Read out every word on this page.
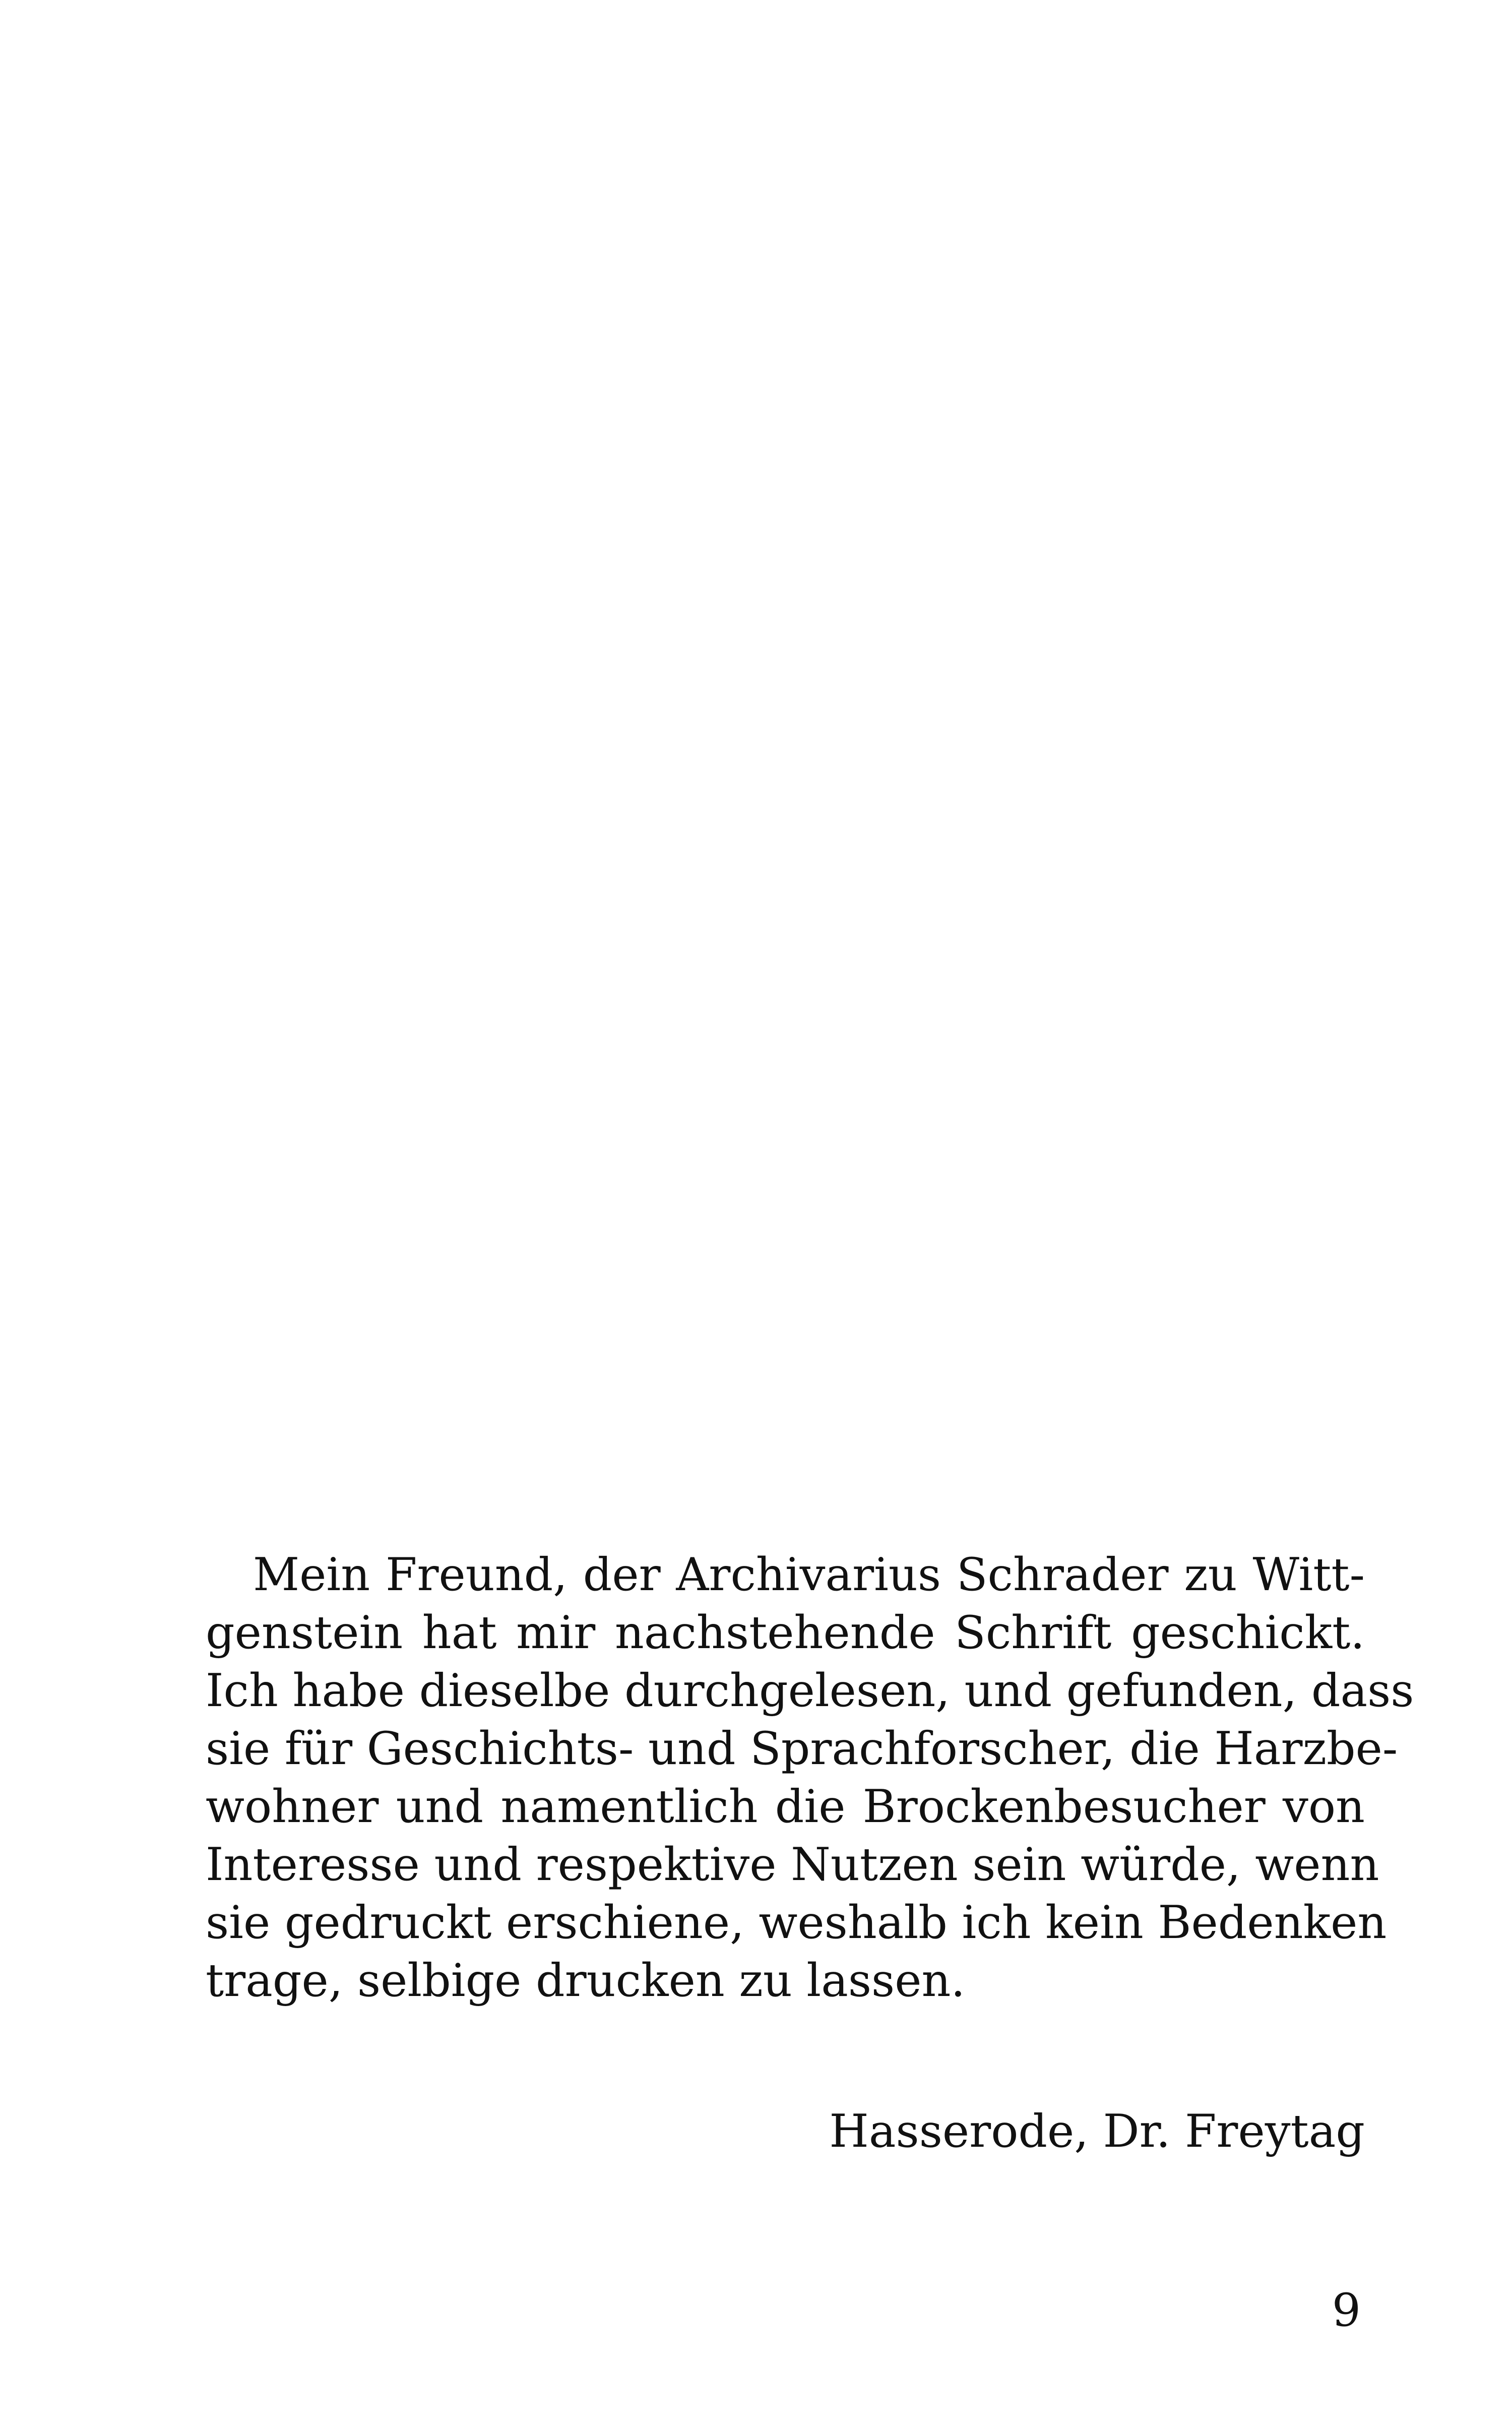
Mein Freund, der Archivarius Schrader zu Witt-
genstein hat mir nachstehende Schrift geschickt.
Ich habe dieselbe durchgelesen, und gefunden, dass
sie für Geschichts- und Sprachforscher, die Harzbe-
wohner und namentlich die Brockenbesucher von
Interesse und respektive Nutzen sein würde, wenn
sie gedruckt erschiene, weshalb ich kein Bedenken
trage, selbige drucken zu lassen.
Hasserode, Dr. Freytag
9
